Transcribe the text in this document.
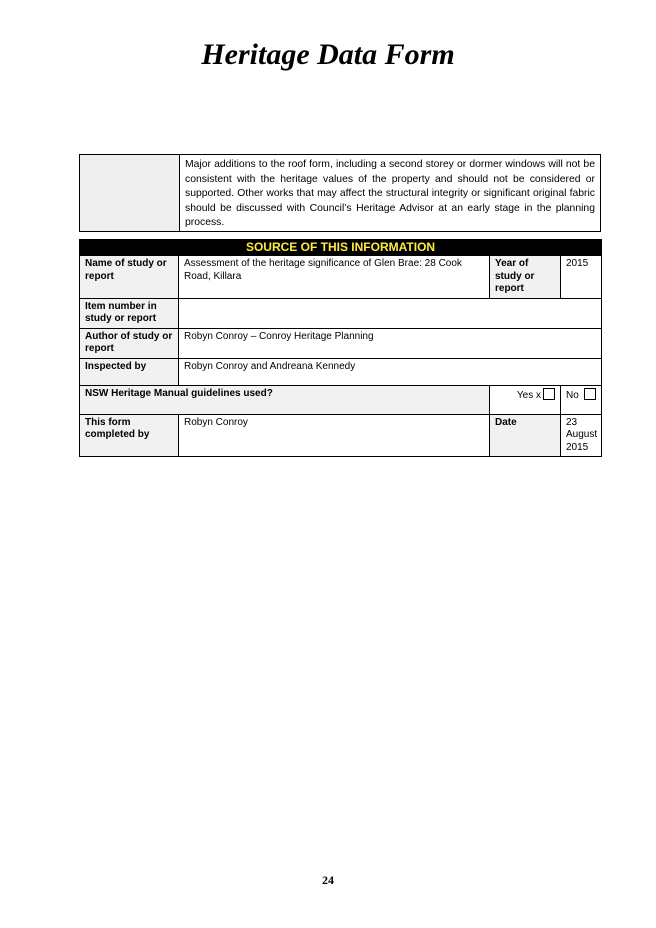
Heritage Data Form
	Major additions to the roof form, including a second storey or dormer windows will not be consistent with the heritage values of the property and should not be considered or supported. Other works that may affect the structural integrity or significant original fabric should be discussed with Council’s Heritage Advisor at an early stage in the planning process.
SOURCE OF THIS INFORMATION			
Name of study or report	Assessment of the heritage significance of Glen Brae: 28 Cook Road, Killara	Year of study or report	2015
Item number in study or report			
Author of study or report	Robyn Conroy – Conroy Heritage Planning		
Inspected by	Robyn Conroy and Andreana Kennedy		
NSW Heritage Manual guidelines used?		Yes x	No
This form completed by	Robyn Conroy	Date	23 August 2015
24
